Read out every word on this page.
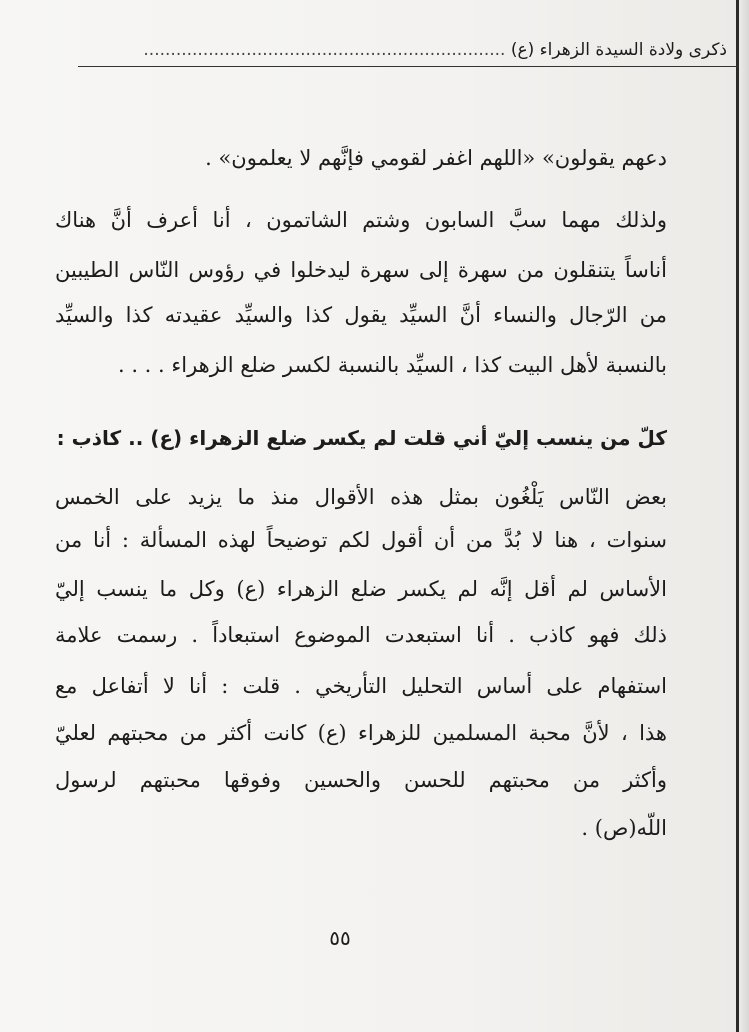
ذكرى ولادة السيدة الزهراء (ع) ...................................................................
دعهم يقولون» «اللهم اغفر لقومي فإنَّهم لا يعلمون» .
ولذلك مهما سبَّ السابون وشتم الشاتمون ، أنا أعرف أنَّ هناك
أناساً يتنقلون من سهرة إلى سهرة ليدخلوا في رؤوس النّاس الطيبين
من الرّجال والنساء أنَّ السيِّد يقول كذا والسيِّد عقيدته كذا والسيِّد
بالنسبة لأهل البيت كذا ، السيِّد بالنسبة لكسر ضلع الزهراء . . . .
كلّ من ينسب إليّ أني قلت لم يكسر ضلع الزهراء (ع) .. كاذب :
بعض النّاس يَلْغُون بمثل هذه الأقوال منذ ما يزيد على الخمس
سنوات ، هنا لا بُدَّ من أن أقول لكم توضيحاً لهذه المسألة : أنا من
الأساس لم أقل إنَّه لم يكسر ضلع الزهراء (ع) وكل ما ينسب إليّ
ذلك فهو كاذب . أنا استبعدت الموضوع استبعاداً . رسمت علامة
استفهام على أساس التحليل التأريخي . قلت : أنا لا أتفاعل مع
هذا ، لأنَّ محبة المسلمين للزهراء (ع) كانت أكثر من محبتهم لعليّ
وأكثر من محبتهم للحسن والحسين وفوقها محبتهم لرسول
اللّه(ص) .
٥٥
